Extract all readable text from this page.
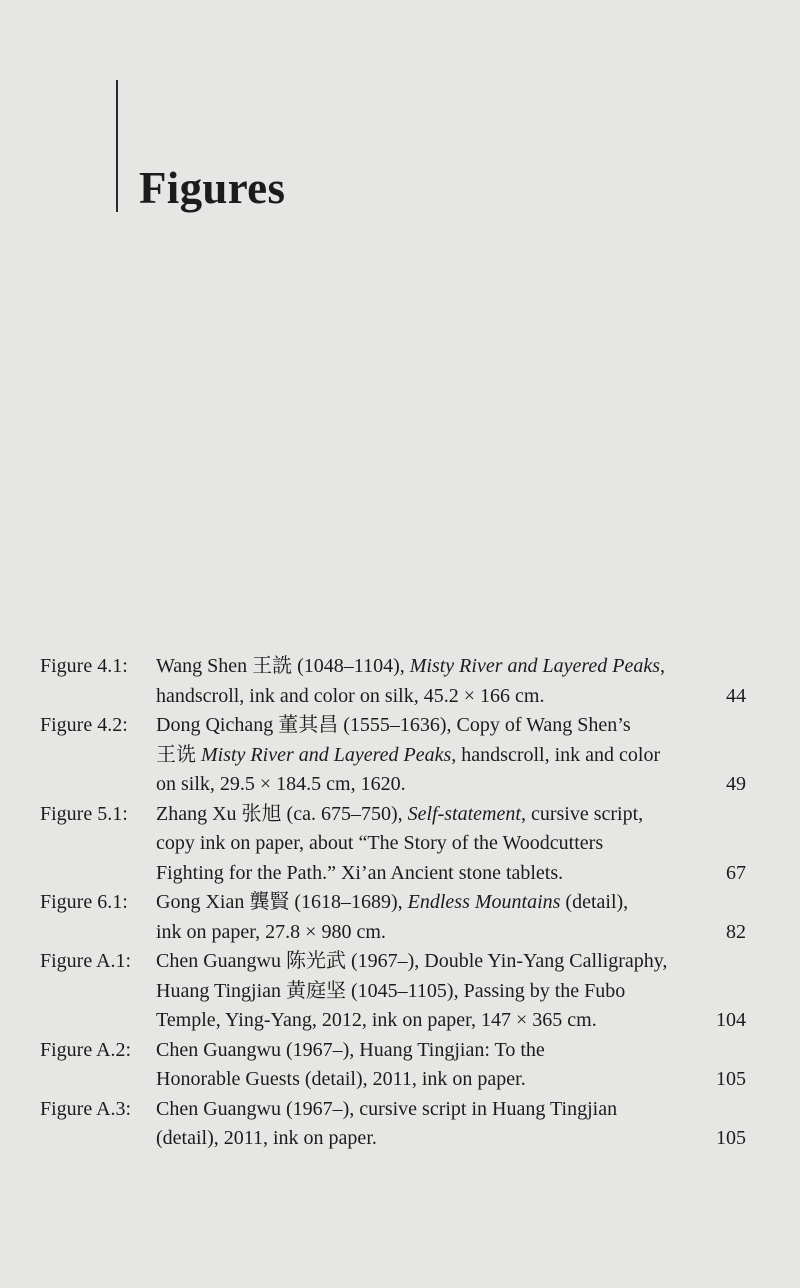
Figures
Figure 4.1: Wang Shen 王詵 (1048–1104), Misty River and Layered Peaks,
handscroll, ink and color on silk, 45.2 × 166 cm.	44
Figure 4.2: Dong Qichang 董其昌 (1555–1636), Copy of Wang Shen’s
王诜 Misty River and Layered Peaks, handscroll, ink and color
on silk, 29.5 × 184.5 cm, 1620.	49
Figure 5.1: Zhang Xu 张旭 (ca. 675–750), Self-statement, cursive script,
copy ink on paper, about “The Story of the Woodcutters
Fighting for the Path.” Xi’an Ancient stone tablets.	67
Figure 6.1: Gong Xian 龔賢 (1618–1689), Endless Mountains (detail),
ink on paper, 27.8 × 980 cm.	82
Figure A.1: Chen Guangwu 陈光武 (1967–), Double Yin-Yang Calligraphy,
Huang Tingjian 黄庭坚 (1045–1105), Passing by the Fubo
Temple, Ying-Yang, 2012, ink on paper, 147 × 365 cm.	104
Figure A.2: Chen Guangwu (1967–), Huang Tingjian: To the
Honorable Guests (detail), 2011, ink on paper.	105
Figure A.3: Chen Guangwu (1967–), cursive script in Huang Tingjian
(detail), 2011, ink on paper.	105
